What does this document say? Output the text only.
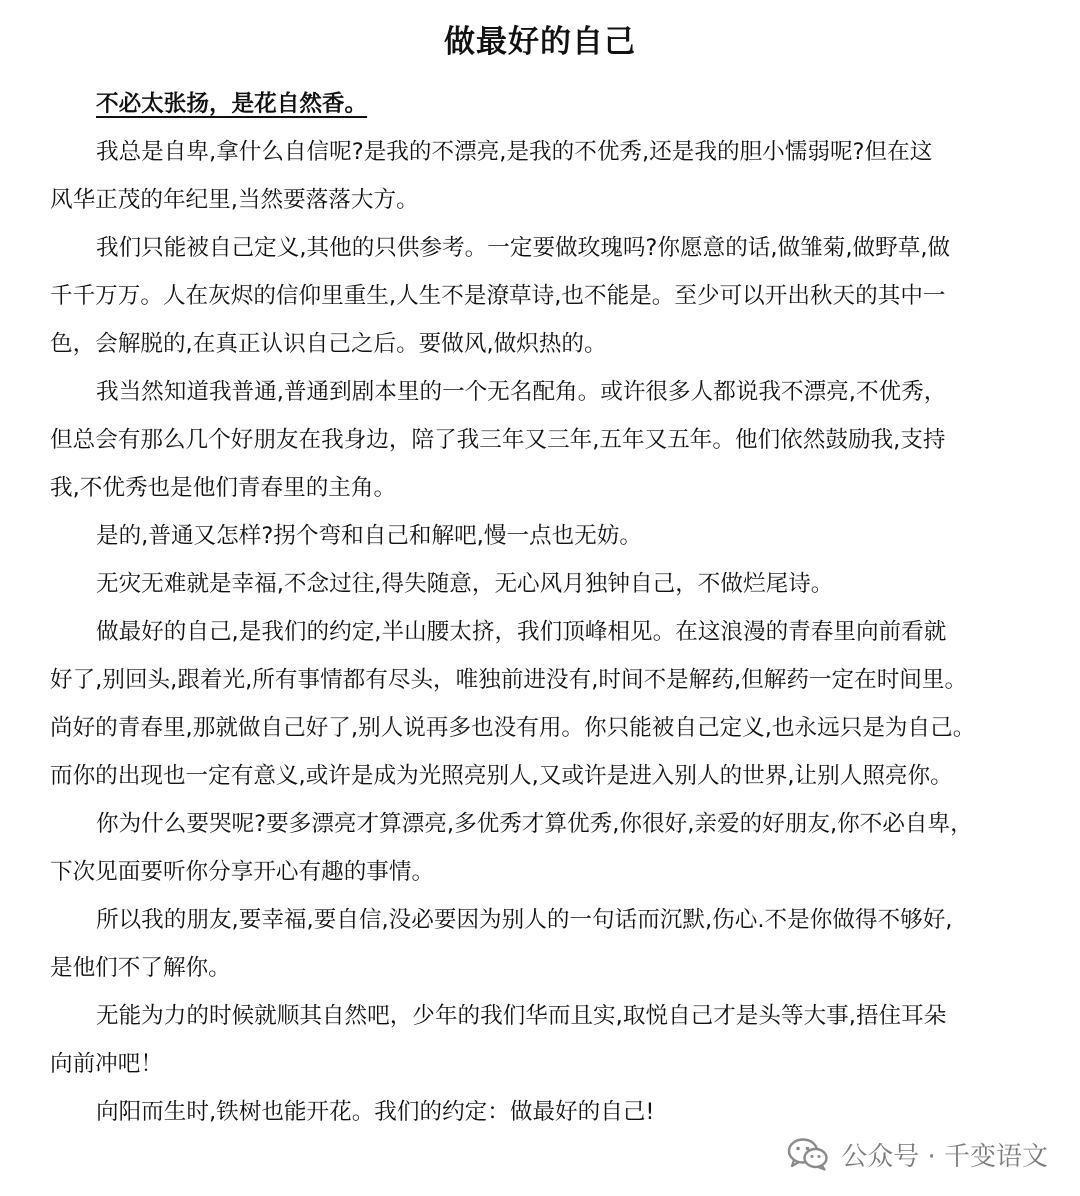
做最好的自己

不必太张扬，是花自然香。

我总是自卑,拿什么自信呢?是我的不漂亮,是我的不优秀,还是我的胆小懦弱呢?但在这

风华正茂的年纪里,当然要落落大方。

我们只能被自己定义,其他的只供参考。一定要做玫瑰吗?你愿意的话,做雏菊,做野草,做

千千万万。人在灰烬的信仰里重生,人生不是潦草诗,也不能是。至少可以开出秋天的其中一

色，会解脱的,在真正认识自己之后。要做风,做炽热的。

我当然知道我普通,普通到剧本里的一个无名配角。或许很多人都说我不漂亮,不优秀，

但总会有那么几个好朋友在我身边，陪了我三年又三年,五年又五年。他们依然鼓励我,支持

我,不优秀也是他们青春里的主角。

是的,普通又怎样?拐个弯和自己和解吧,慢一点也无妨。

无灾无难就是幸福,不念过往,得失随意，无心风月独钟自己，不做烂尾诗。

做最好的自己,是我们的约定,半山腰太挤，我们顶峰相见。在这浪漫的青春里向前看就

好了,别回头,跟着光,所有事情都有尽头，唯独前进没有,时间不是解药,但解药一定在时间里。

尚好的青春里,那就做自己好了,别人说再多也没有用。你只能被自己定义,也永远只是为自己。

而你的出现也一定有意义,或许是成为光照亮别人,又或许是进入别人的世界,让别人照亮你。

你为什么要哭呢?要多漂亮才算漂亮,多优秀才算优秀,你很好,亲爱的好朋友,你不必自卑，

下次见面要听你分享开心有趣的事情。

所以我的朋友,要幸福,要自信,没必要因为别人的一句话而沉默,伤心.不是你做得不够好,

是他们不了解你。

无能为力的时候就顺其自然吧，少年的我们华而且实,取悦自己才是头等大事,捂住耳朵

向前冲吧！

向阳而生时,铁树也能开花。我们的约定：做最好的自己!

公众号 · 千变语文
